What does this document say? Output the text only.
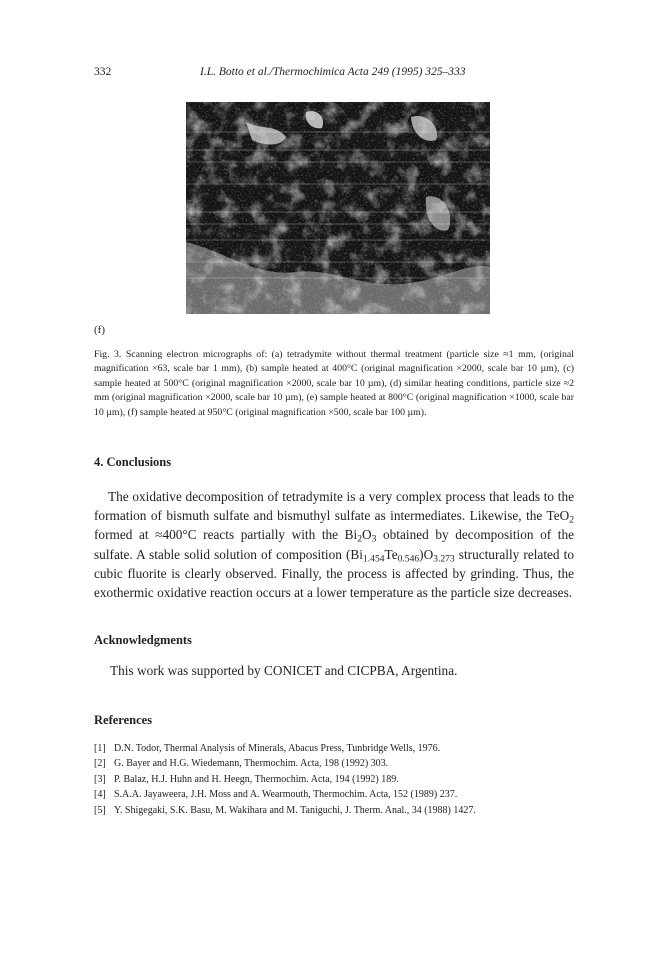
332	I.L. Botto et al./Thermochimica Acta 249 (1995) 325–333
(f)
Fig. 3. Scanning electron micrographs of: (a) tetradymite without thermal treatment (particle size ≈1 mm, (original magnification ×63, scale bar 1 mm), (b) sample heated at 400°C (original magnification ×2000, scale bar 10 µm), (c) sample heated at 500°C (original magnification ×2000, scale bar 10 µm), (d) similar heating conditions, particle size ≈2 mm (original magnification ×2000, scale bar 10 µm), (e) sample heated at 800°C (original magnification ×1000, scale bar 10 µm), (f) sample heated at 950°C (original magnification ×500, scale bar 100 µm).
4. Conclusions
The oxidative decomposition of tetradymite is a very complex process that leads to the formation of bismuth sulfate and bismuthyl sulfate as intermediates. Likewise, the TeO$_2$ formed at ≈400°C reacts partially with the $Bi_2O_3$ obtained by decomposition of the sulfate. A stable solid solution of composition $(Bi_{1.454}Te_{0.546})O_{3.273}$ structurally related to cubic fluorite is clearly observed. Finally, the process is affected by grinding. Thus, the exothermic oxidative reaction occurs at a lower temperature as the particle size decreases.
Acknowledgments
This work was supported by CONICET and CICPBA, Argentina.
References
[1] D.N. Todor, Thermal Analysis of Minerals, Abacus Press, Tunbridge Wells, 1976.
[2] G. Bayer and H.G. Wiedemann, Thermochim. Acta, 198 (1992) 303.
[3] P. Balaz, H.J. Huhn and H. Heegn, Thermochim. Acta, 194 (1992) 189.
[4] S.A.A. Jayaweera, J.H. Moss and A. Wearmouth, Thermochim. Acta, 152 (1989) 237.
[5] Y. Shigegaki, S.K. Basu, M. Wakihara and M. Taniguchi, J. Therm. Anal., 34 (1988) 1427.
